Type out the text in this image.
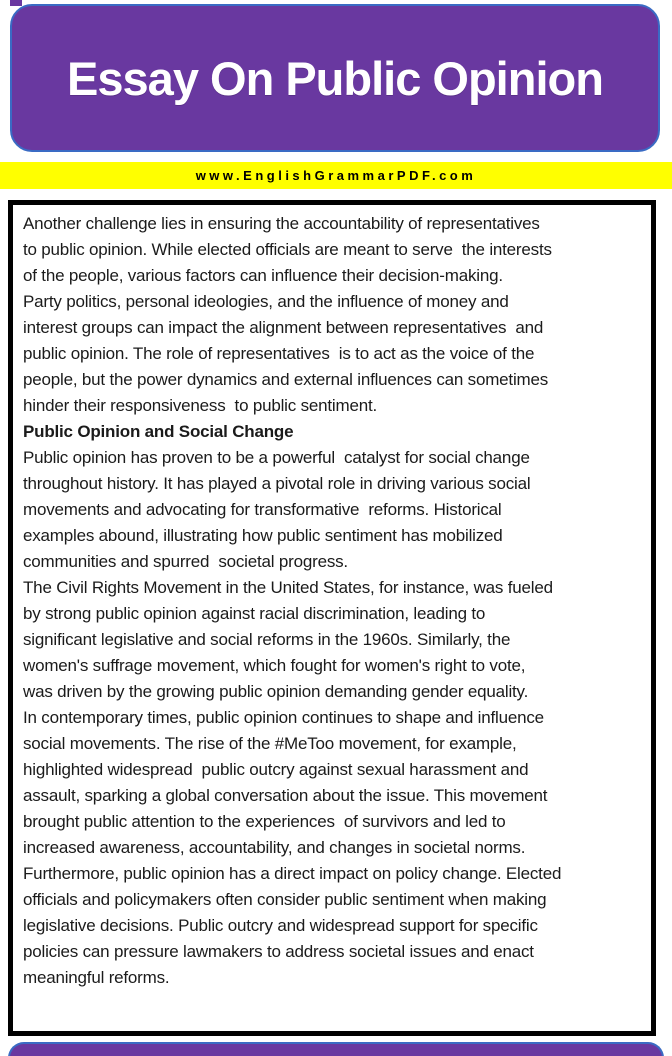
Essay On Public Opinion
www.EnglishGrammarPDF.com
Another challenge lies in ensuring the accountability of representatives
to public opinion. While elected officials are meant to serve  the interests
of the people, various factors can influence their decision-making.
Party politics, personal ideologies, and the influence of money and
interest groups can impact the alignment between representatives  and
public opinion. The role of representatives  is to act as the voice of the
people, but the power dynamics and external influences can sometimes
hinder their responsiveness  to public sentiment.
Public Opinion and Social Change
Public opinion has proven to be a powerful  catalyst for social change
throughout history. It has played a pivotal role in driving various social
movements and advocating for transformative  reforms. Historical
examples abound, illustrating how public sentiment has mobilized
communities and spurred  societal progress.
The Civil Rights Movement in the United States, for instance, was fueled
by strong public opinion against racial discrimination, leading to
significant legislative and social reforms in the 1960s. Similarly, the
women's suffrage movement, which fought for women's right to vote,
was driven by the growing public opinion demanding gender equality.
In contemporary times, public opinion continues to shape and influence
social movements. The rise of the #MeToo movement, for example,
highlighted widespread  public outcry against sexual harassment and
assault, sparking a global conversation about the issue. This movement
brought public attention to the experiences  of survivors and led to
increased awareness, accountability, and changes in societal norms.
Furthermore, public opinion has a direct impact on policy change. Elected
officials and policymakers often consider public sentiment when making
legislative decisions. Public outcry and widespread support for specific
policies can pressure lawmakers to address societal issues and enact
meaningful reforms.
